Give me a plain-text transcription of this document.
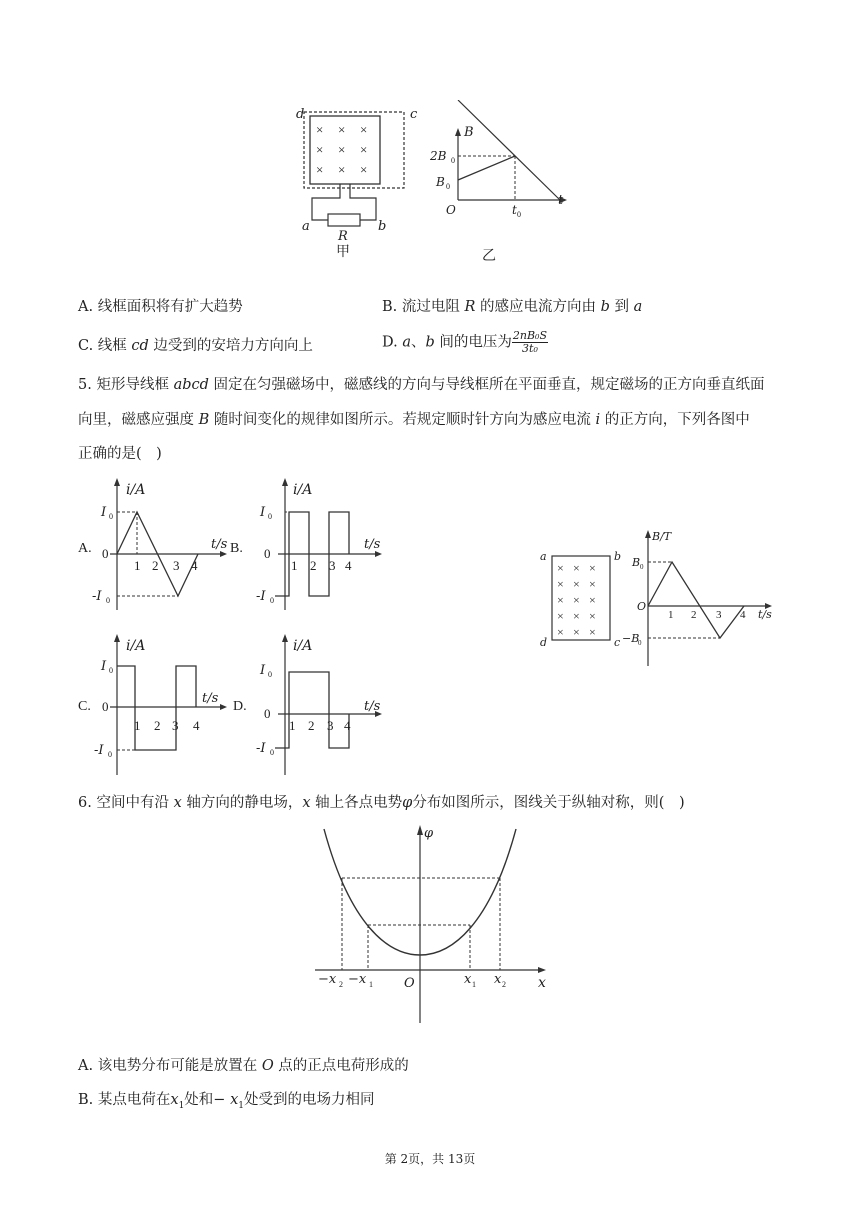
× × ×
× × ×
× × ×
d	c
a	b
R
甲
B
2B 0
B 0
O	t 0
t
乙
A. 线框面积将有扩大趋势	B. 流过电阻 R 的感应电流方向由 b 到 a
C. 线框 cd 边受到的安培力方向向上	D. a、b 间的电压为 $\frac{\text{2nB₀S}}{\text{3t₀}}$
5. 矩形导线框 abcd 固定在匀强磁场中，磁感线的方向与导线框所在平面垂直，规定磁场的正方向垂直纸面
向里，磁感应强度 B 随时间变化的规律如图所示。若规定顺时针方向为感应电流 i 的正方向，下列各图中
正确的是(　)
i/A
I 0
-I 0
0
1 2 3 4
t/s
A.
i/A
I 0
-I 0
0
1 2 3 4
t/s
B.
i/A
I 0
-I 0
0
1 2 3 4
t/s
C.
i/A
I 0
-I 0
0
1 2 3 4
t/s
D.
× × ×
× × ×
× × ×
× × ×
× × ×
a	b
d	c
B/T
B 0
−B
0
O
1 2 3 4 t/s
6. 空间中有沿 x 轴方向的静电场，x 轴上各点电势φ分布如图所示，图线关于纵轴对称，则(　)
φ
x
O
−x 2 −x 1	x 1 x 2
A. 该电势分布可能是放置在 O 点的正点电荷形成的
B. 某点电荷在$x_1$处和− $x_1$处受到的电场力相同
第 2页，共 13页
